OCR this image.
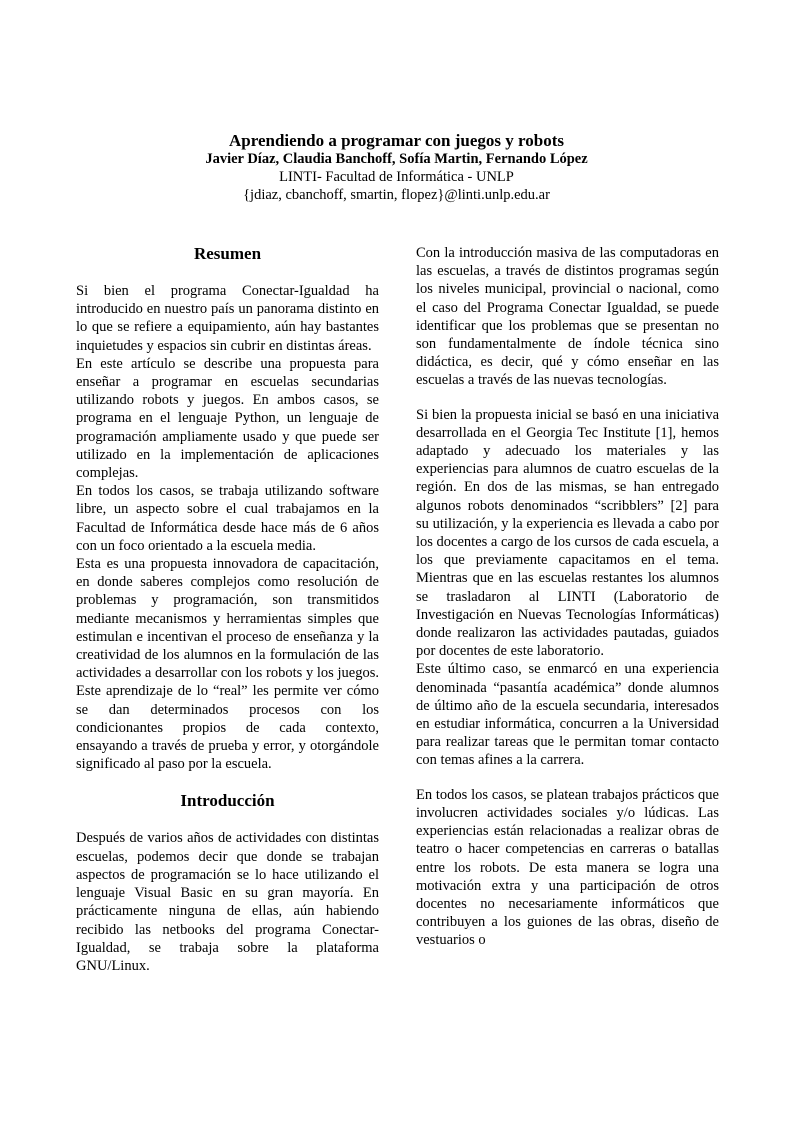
Aprendiendo a programar con juegos y robots
Javier Díaz, Claudia Banchoff, Sofía Martin, Fernando López
LINTI- Facultad de Informática - UNLP
{jdiaz, cbanchoff, smartin, flopez}@linti.unlp.edu.ar
Resumen

Si bien el programa Conectar-Igualdad ha introducido en nuestro país un panorama distinto en lo que se refiere a equipamiento, aún hay bastantes inquietudes y espacios sin cubrir en distintas áreas.

En este artículo se describe una propuesta para enseñar a programar en escuelas secundarias utilizando robots y juegos. En ambos casos, se programa en el lenguaje Python, un lenguaje de programación ampliamente usado y que puede ser utilizado en la implementación de aplicaciones complejas.

En todos los casos, se trabaja utilizando software libre, un aspecto sobre el cual trabajamos en la Facultad de Informática desde hace más de 6 años con un foco orientado a la escuela media.

Esta es una propuesta innovadora de capacitación, en donde saberes complejos como resolución de problemas y programación, son transmitidos mediante mecanismos y herramientas simples que estimulan e incentivan el proceso de enseñanza y la creatividad de los alumnos en la formulación de las actividades a desarrollar con los robots y los juegos. Este aprendizaje de lo “real” les permite ver cómo se dan determinados procesos con los condicionantes propios de cada contexto, ensayando a través de prueba y error, y otorgándole significado al paso por la escuela.

Introducción

Después de varios años de actividades con distintas escuelas, podemos decir que donde se trabajan aspectos de programación se lo hace utilizando el lenguaje Visual Basic en su gran mayoría. En prácticamente ninguna de ellas, aún habiendo recibido las netbooks del programa Conectar-Igualdad, se trabaja sobre la plataforma GNU/Linux.

Con la introducción masiva de las computadoras en las escuelas, a través de distintos programas según los niveles municipal, provincial o nacional, como el caso del Programa Conectar Igualdad, se puede identificar que los problemas que se presentan no son fundamentalmente de índole técnica sino didáctica, es decir, qué y cómo enseñar en las escuelas a través de las nuevas tecnologías.

Si bien la propuesta inicial se basó en una iniciativa desarrollada en el Georgia Tec Institute [1], hemos adaptado y adecuado los materiales y las experiencias para alumnos de cuatro escuelas de la región. En dos de las mismas, se han entregado algunos robots denominados “scribblers” [2] para su utilización, y la experiencia es llevada a cabo por los docentes a cargo de los cursos de cada escuela, a los que previamente capacitamos en el tema. Mientras que en las escuelas restantes los alumnos se trasladaron al LINTI (Laboratorio de Investigación en Nuevas Tecnologías Informáticas) donde realizaron las actividades pautadas, guiados por docentes de este laboratorio.

Este último caso, se enmarcó en una experiencia denominada “pasantía académica” donde alumnos de último año de la escuela secundaria, interesados en estudiar informática, concurren a la Universidad para realizar tareas que le permitan tomar contacto con temas afines a la carrera.

En todos los casos, se platean trabajos prácticos que involucren actividades sociales y/o lúdicas. Las experiencias están relacionadas a realizar obras de teatro o hacer competencias en carreras o batallas entre los robots. De esta manera se logra una motivación extra y una participación de otros docentes no necesariamente informáticos que contribuyen a los guiones de las obras, diseño de vestuarios o
